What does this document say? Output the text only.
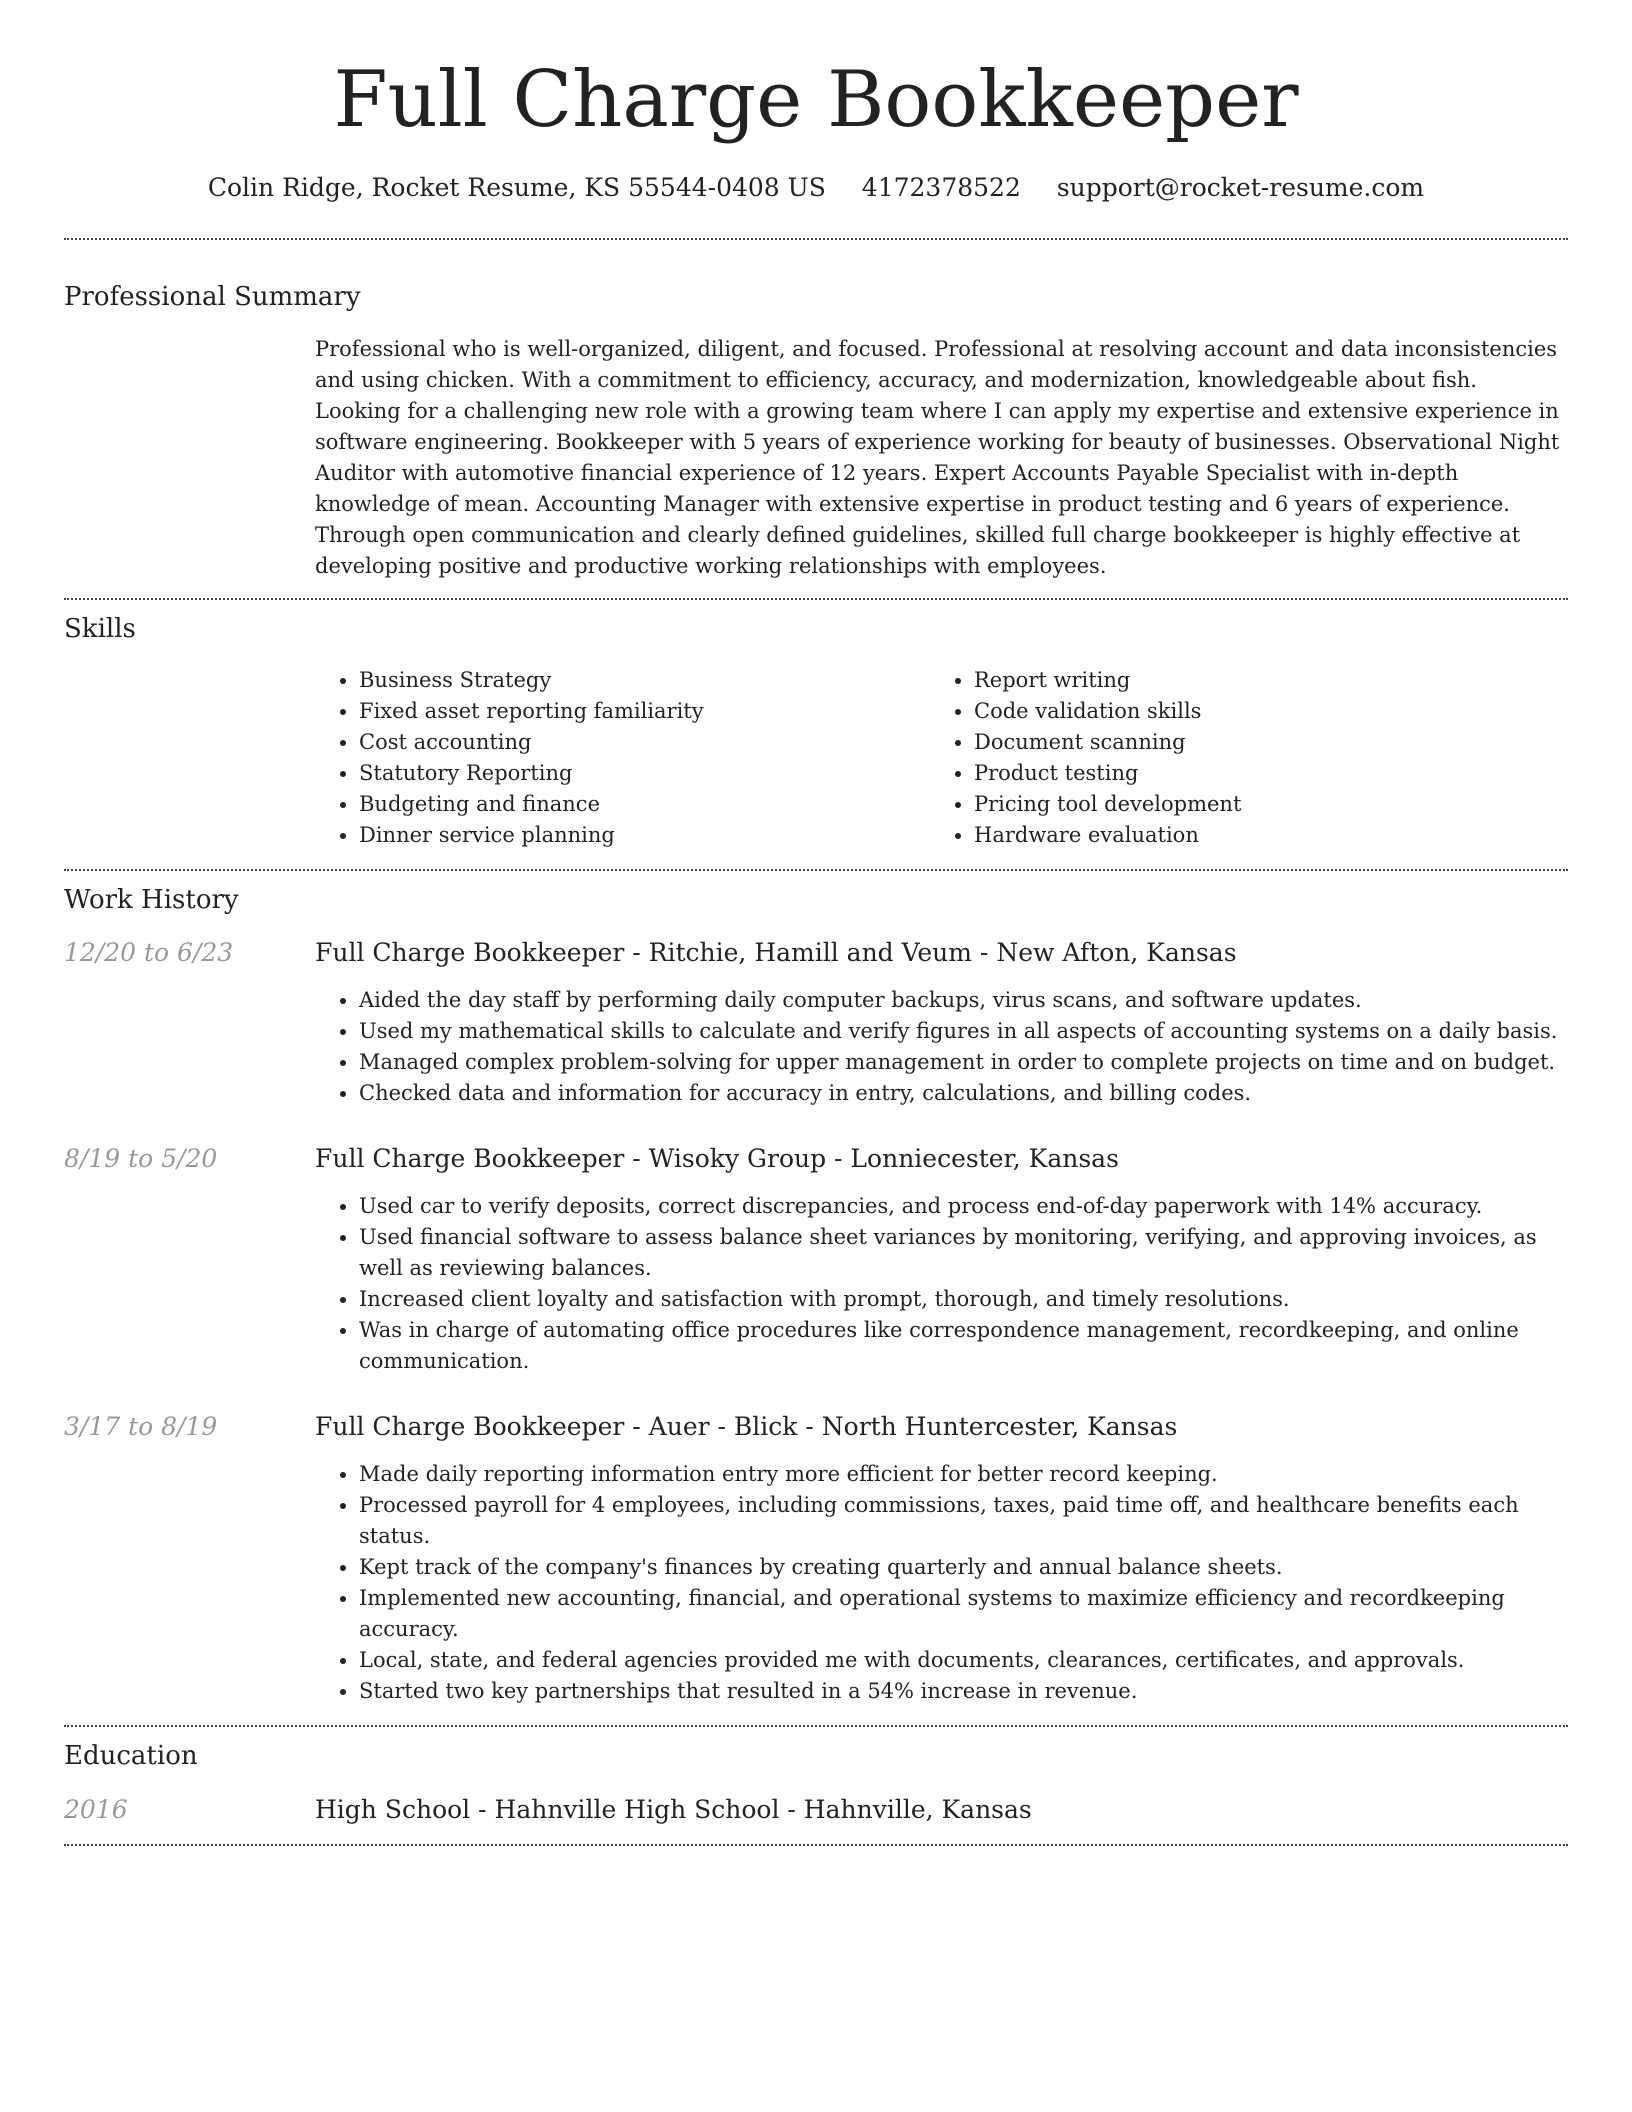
Full Charge Bookkeeper
Colin Ridge, Rocket Resume, KS 55544-0408 US 4172378522 support@rocket-resume.com
Professional Summary

Professional who is well-organized, diligent, and focused. Professional at resolving account and data inconsistencies and using chicken. With a commitment to efficiency, accuracy, and modernization, knowledgeable about fish. Looking for a challenging new role with a growing team where I can apply my expertise and extensive experience in software engineering. Bookkeeper with 5 years of experience working for beauty of businesses. Observational Night Auditor with automotive financial experience of 12 years. Expert Accounts Payable Specialist with in-depth knowledge of mean. Accounting Manager with extensive expertise in product testing and 6 years of experience. Through open communication and clearly defined guidelines, skilled full charge bookkeeper is highly effective at developing positive and productive working relationships with employees.

Skills
• Business Strategy
• Fixed asset reporting familiarity
• Cost accounting
• Statutory Reporting
• Budgeting and finance
• Dinner service planning
• Report writing
• Code validation skills
• Document scanning
• Product testing
• Pricing tool development
• Hardware evaluation
Work History
12/20 to 6/23	Full Charge Bookkeeper - Ritchie, Hamill and Veum - New Afton, Kansas
• Aided the day staff by performing daily computer backups, virus scans, and software updates.
• Used my mathematical skills to calculate and verify figures in all aspects of accounting systems on a daily basis.
• Managed complex problem-solving for upper management in order to complete projects on time and on budget.
• Checked data and information for accuracy in entry, calculations, and billing codes.
8/19 to 5/20	Full Charge Bookkeeper - Wisoky Group - Lonniecester, Kansas
• Used car to verify deposits, correct discrepancies, and process end-of-day paperwork with 14% accuracy.
• Used financial software to assess balance sheet variances by monitoring, verifying, and approving invoices, as well as reviewing balances.
• Increased client loyalty and satisfaction with prompt, thorough, and timely resolutions.
• Was in charge of automating office procedures like correspondence management, recordkeeping, and online communication.
3/17 to 8/19	Full Charge Bookkeeper - Auer - Blick - North Huntercester, Kansas
• Made daily reporting information entry more efficient for better record keeping.
• Processed payroll for 4 employees, including commissions, taxes, paid time off, and healthcare benefits each status.
• Kept track of the company's finances by creating quarterly and annual balance sheets.
• Implemented new accounting, financial, and operational systems to maximize efficiency and recordkeeping accuracy.
• Local, state, and federal agencies provided me with documents, clearances, certificates, and approvals.
• Started two key partnerships that resulted in a 54% increase in revenue.
Education
2016	High School - Hahnville High School - Hahnville, Kansas
